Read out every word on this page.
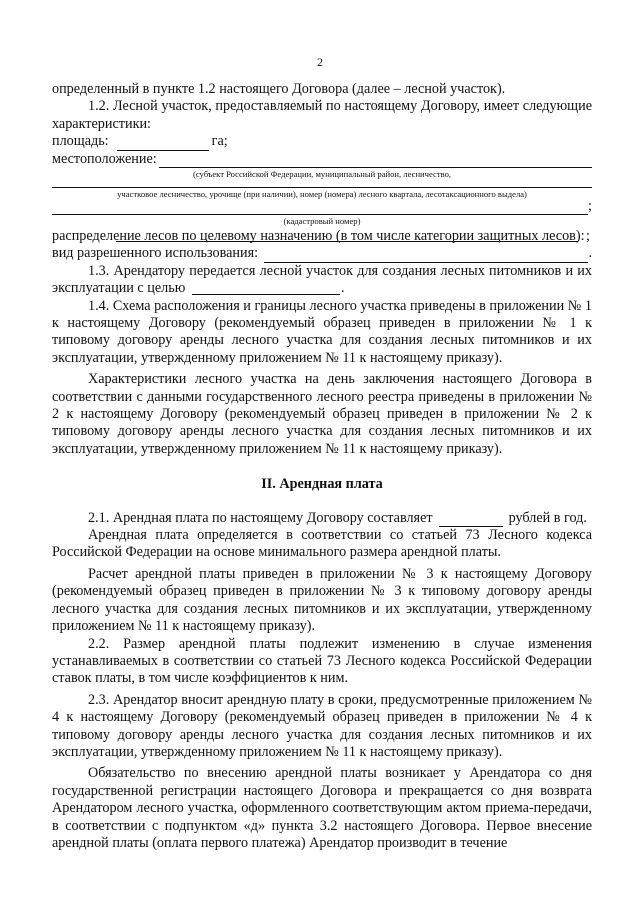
2

определенный в пункте 1.2 настоящего Договора (далее – лесной участок).

1.2. Лесной участок, предоставляемый по настоящему Договору, имеет следующие характеристики:

площадь:	га;
местоположение:
(субъект Российской Федерации, муниципальный район, лесничество,
участковое лесничество, урочище (при наличии), номер (номера) лесного квартала, лесотаксационного выдела)
;
(кадастровый номер)

распределение лесов по целевому назначению (в том числе категории защитных лесов): ;
вид разрешенного использования:	.

1.3. Арендатору передается лесной участок для создания лесных питомников и их эксплуатации с целью	.

1.4. Схема расположения и границы лесного участка приведены в приложении № 1 к настоящему Договору (рекомендуемый образец приведен в приложении № 1 к типовому договору аренды лесного участка для создания лесных питомников и их эксплуатации, утвержденному приложением № 11 к настоящему приказу).

Характеристики лесного участка на день заключения настоящего Договора в соответствии с данными государственного лесного реестра приведены в приложении № 2 к настоящему Договору (рекомендуемый образец приведен в приложении № 2 к типовому договору аренды лесного участка для создания лесных питомников и их эксплуатации, утвержденному приложением № 11 к настоящему приказу).

II. Арендная плата
2.1. Арендная плата по настоящему Договору составляет	рублей в год.

Арендная плата определяется в соответствии со статьей 73 Лесного кодекса Российской Федерации на основе минимального размера арендной платы.

Расчет арендной платы приведен в приложении № 3 к настоящему Договору (рекомендуемый образец приведен в приложении № 3 к типовому договору аренды лесного участка для создания лесных питомников и их эксплуатации, утвержденному приложением № 11 к настоящему приказу).

2.2. Размер арендной платы подлежит изменению в случае изменения устанавливаемых в соответствии со статьей 73 Лесного кодекса Российской Федерации ставок платы, в том числе коэффициентов к ним.

2.3. Арендатор вносит арендную плату в сроки, предусмотренные приложением № 4 к настоящему Договору (рекомендуемый образец приведен в приложении № 4 к типовому договору аренды лесного участка для создания лесных питомников и их эксплуатации, утвержденному приложением № 11 к настоящему приказу).

Обязательство по внесению арендной платы возникает у Арендатора со дня государственной регистрации настоящего Договора и прекращается со дня возврата Арендатором лесного участка, оформленного соответствующим актом приема-передачи, в соответствии с подпунктом «д» пункта 3.2 настоящего Договора. Первое внесение арендной платы (оплата первого платежа) Арендатор производит в течение
